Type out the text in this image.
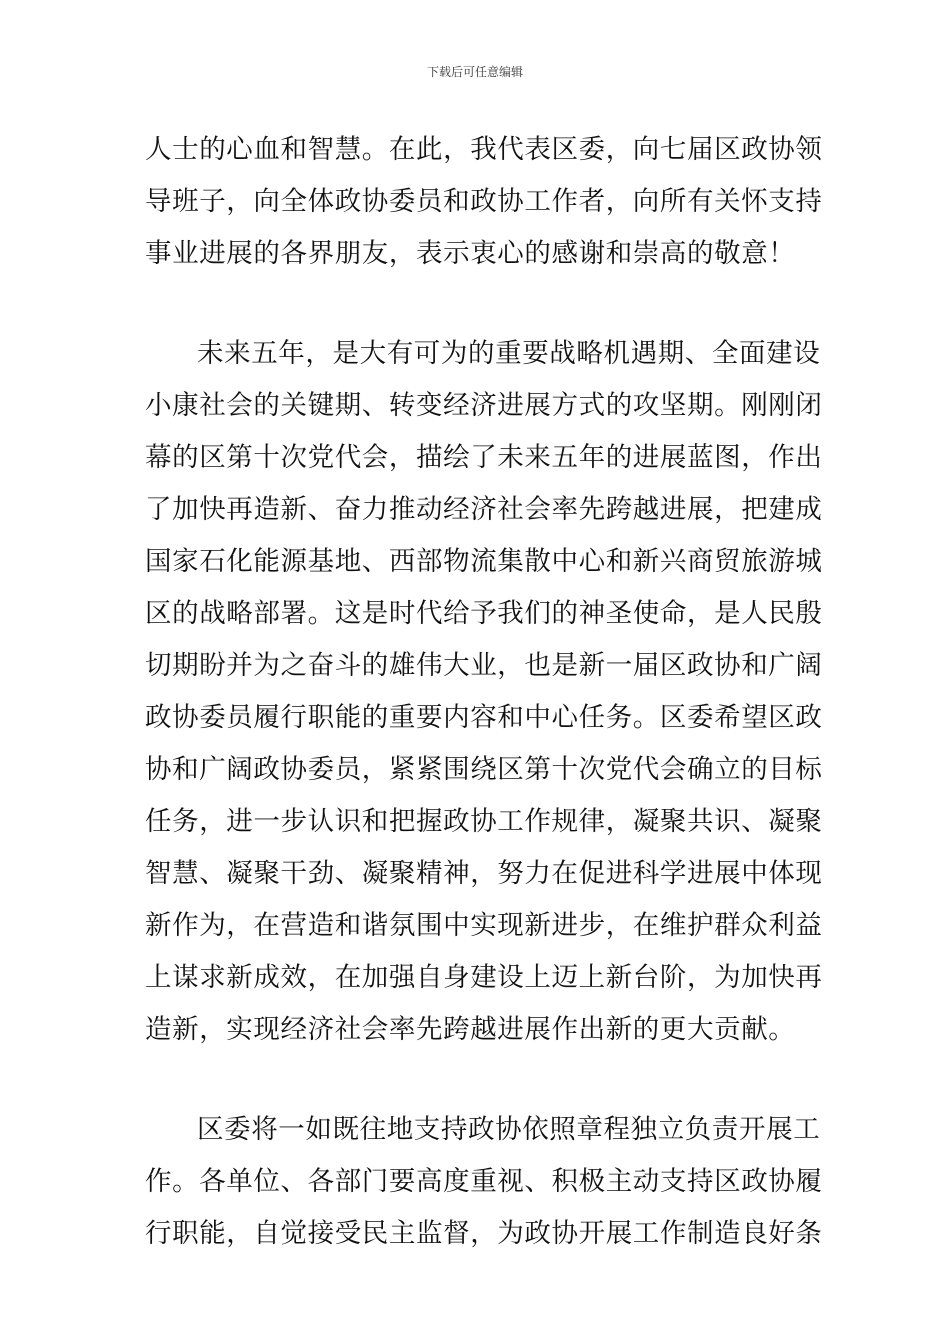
下载后可任意编辑
人士的心血和智慧。在此，我代表区委，向七届区政协领
导班子，向全体政协委员和政协工作者，向所有关怀支持
事业进展的各界朋友，表示衷心的感谢和崇高的敬意！
未来五年，是大有可为的重要战略机遇期、全面建设
小康社会的关键期、转变经济进展方式的攻坚期。刚刚闭
幕的区第十次党代会，描绘了未来五年的进展蓝图，作出
了加快再造新、奋力推动经济社会率先跨越进展，把建成
国家石化能源基地、西部物流集散中心和新兴商贸旅游城
区的战略部署。这是时代给予我们的神圣使命，是人民殷
切期盼并为之奋斗的雄伟大业，也是新一届区政协和广阔
政协委员履行职能的重要内容和中心任务。区委希望区政
协和广阔政协委员，紧紧围绕区第十次党代会确立的目标
任务，进一步认识和把握政协工作规律，凝聚共识、凝聚
智慧、凝聚干劲、凝聚精神，努力在促进科学进展中体现
新作为，在营造和谐氛围中实现新进步，在维护群众利益
上谋求新成效，在加强自身建设上迈上新台阶，为加快再
造新，实现经济社会率先跨越进展作出新的更大贡献。
区委将一如既往地支持政协依照章程独立负责开展工
作。各单位、各部门要高度重视、积极主动支持区政协履
行职能，自觉接受民主监督，为政协开展工作制造良好条
